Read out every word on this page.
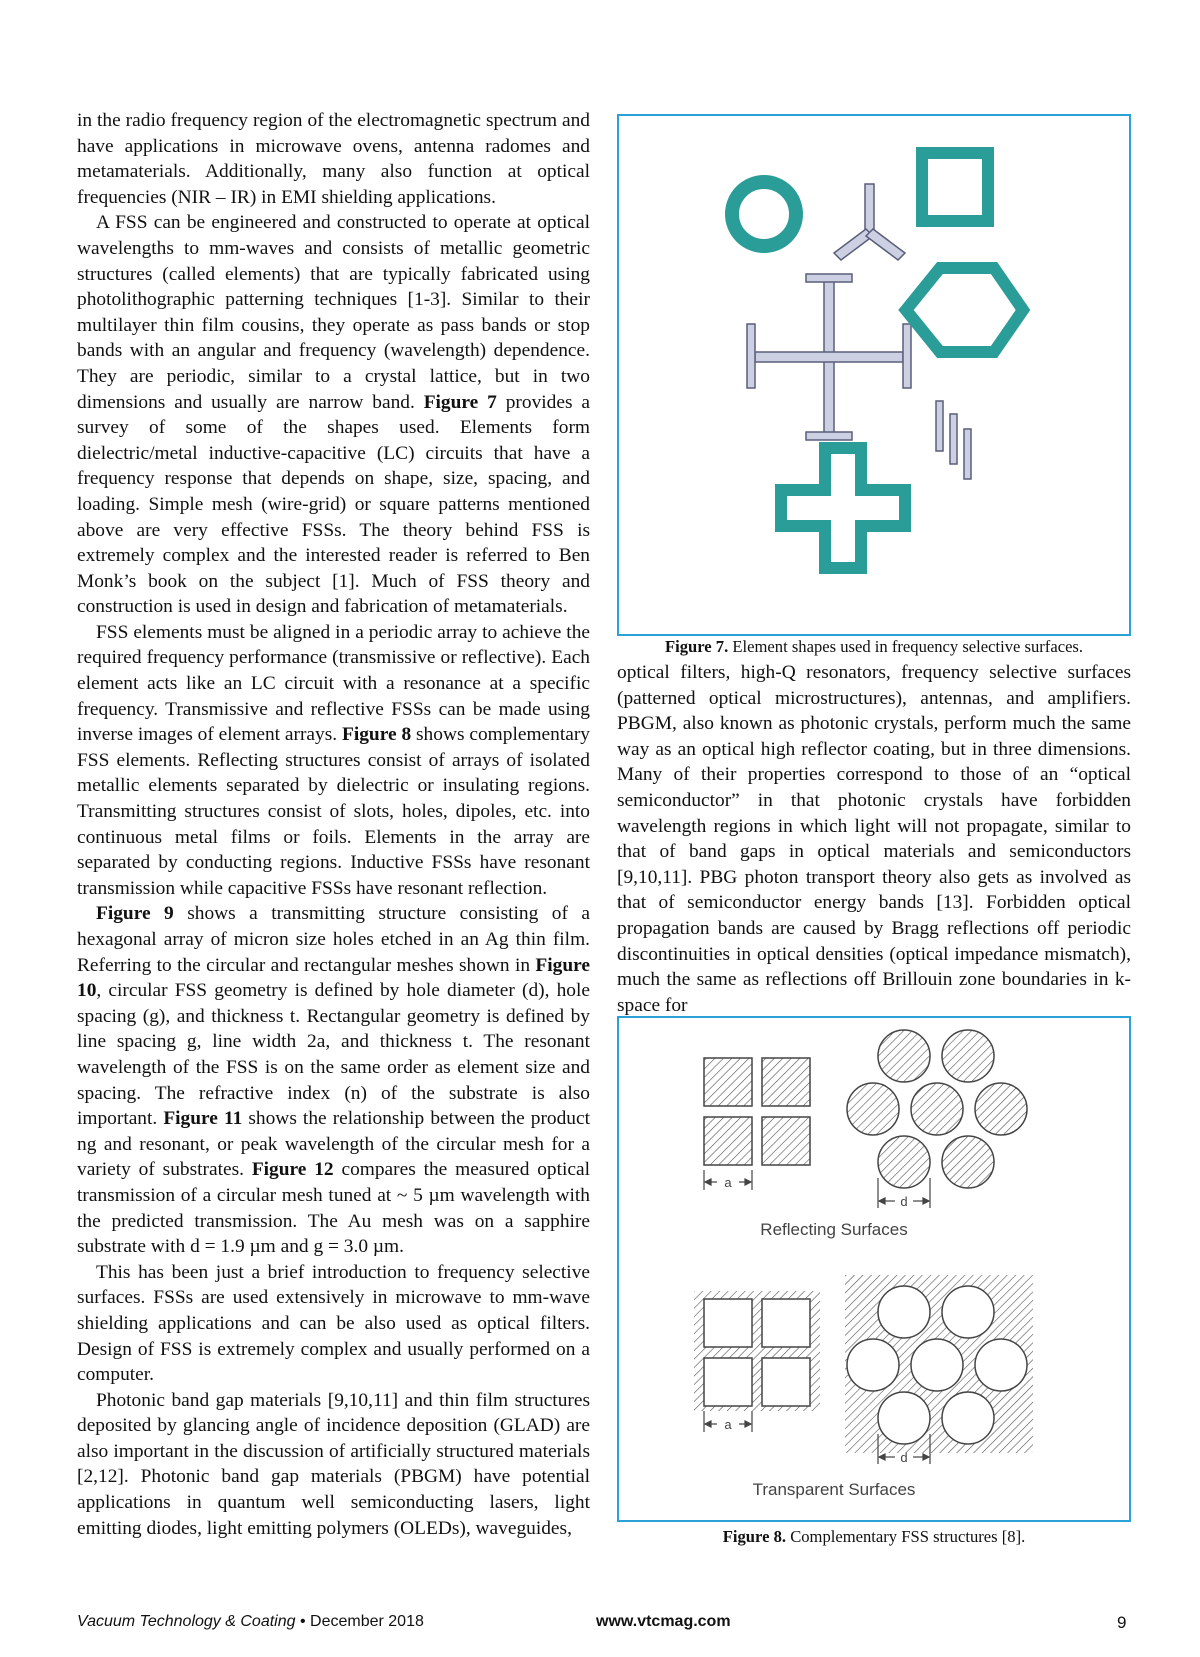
in the radio frequency region of the electromagnetic spectrum and have applications in microwave ovens, antenna radomes and metamaterials. Additionally, many also function at optical frequencies (NIR – IR) in EMI shielding applications.

A FSS can be engineered and constructed to operate at optical wavelengths to mm-waves and consists of metallic geometric structures (called elements) that are typically fabricated using photolithographic patterning techniques [1-3]. Similar to their multilayer thin film cousins, they operate as pass bands or stop bands with an angular and frequency (wavelength) dependence. They are periodic, similar to a crystal lattice, but in two dimensions and usually are narrow band. Figure 7 provides a survey of some of the shapes used. Elements form dielectric/metal inductive-capacitive (LC) circuits that have a frequency response that depends on shape, size, spacing, and loading. Simple mesh (wire-grid) or square patterns mentioned above are very effective FSSs. The theory behind FSS is extremely complex and the interested reader is referred to Ben Monk’s book on the subject [1]. Much of FSS theory and construction is used in design and fabrication of metamaterials.

FSS elements must be aligned in a periodic array to achieve the required frequency performance (transmissive or reflective). Each element acts like an LC circuit with a resonance at a specific frequency. Transmissive and reflective FSSs can be made using inverse images of element arrays. Figure 8 shows complementary FSS elements. Reflecting structures consist of arrays of isolated metallic elements separated by dielectric or insulating regions. Transmitting structures consist of slots, holes, dipoles, etc. into continuous metal films or foils. Elements in the array are separated by conducting regions. Inductive FSSs have resonant transmission while capacitive FSSs have resonant reflection.

Figure 9 shows a transmitting structure consisting of a hexagonal array of micron size holes etched in an Ag thin film. Referring to the circular and rectangular meshes shown in Figure 10, circular FSS geometry is defined by hole diameter (d), hole spacing (g), and thickness t. Rectangular geometry is defined by line spacing g, line width 2a, and thickness t. The resonant wavelength of the FSS is on the same order as element size and spacing. The refractive index (n) of the substrate is also important. Figure 11 shows the relationship between the product ng and resonant, or peak wavelength of the circular mesh for a variety of substrates. Figure 12 compares the measured optical transmission of a circular mesh tuned at ~ 5 µm wavelength with the predicted transmission. The Au mesh was on a sapphire substrate with d = 1.9 µm and g = 3.0 µm.

This has been just a brief introduction to frequency selective surfaces. FSSs are used extensively in microwave to mm-wave shielding applications and can be also used as optical filters. Design of FSS is extremely complex and usually performed on a computer.

Photonic band gap materials [9,10,11] and thin film structures deposited by glancing angle of incidence deposition (GLAD) are also important in the discussion of artificially structured materials [2,12]. Photonic band gap materials (PBGM) have potential applications in quantum well semiconducting lasers, light emitting diodes, light emitting polymers (OLEDs), waveguides,

Figure 7. Element shapes used in frequency selective surfaces.

optical filters, high-Q resonators, frequency selective surfaces (patterned optical microstructures), antennas, and amplifiers. PBGM, also known as photonic crystals, perform much the same way as an optical high reflector coating, but in three dimensions. Many of their properties correspond to those of an “optical semiconductor” in that photonic crystals have forbidden wavelength regions in which light will not propagate, similar to that of band gaps in optical materials and semiconductors [9,10,11]. PBG photon transport theory also gets as involved as that of semiconductor energy bands [13]. Forbidden optical propagation bands are caused by Bragg reflections off periodic discontinuities in optical densities (optical impedance mismatch), much the same as reflections off Brillouin zone boundaries in k-space for

a
d
Reflecting Surfaces
a
d
Transparent Surfaces
Figure 8. Complementary FSS structures [8].
Vacuum Technology & Coating • December 2018	www.vtcmag.com	9
